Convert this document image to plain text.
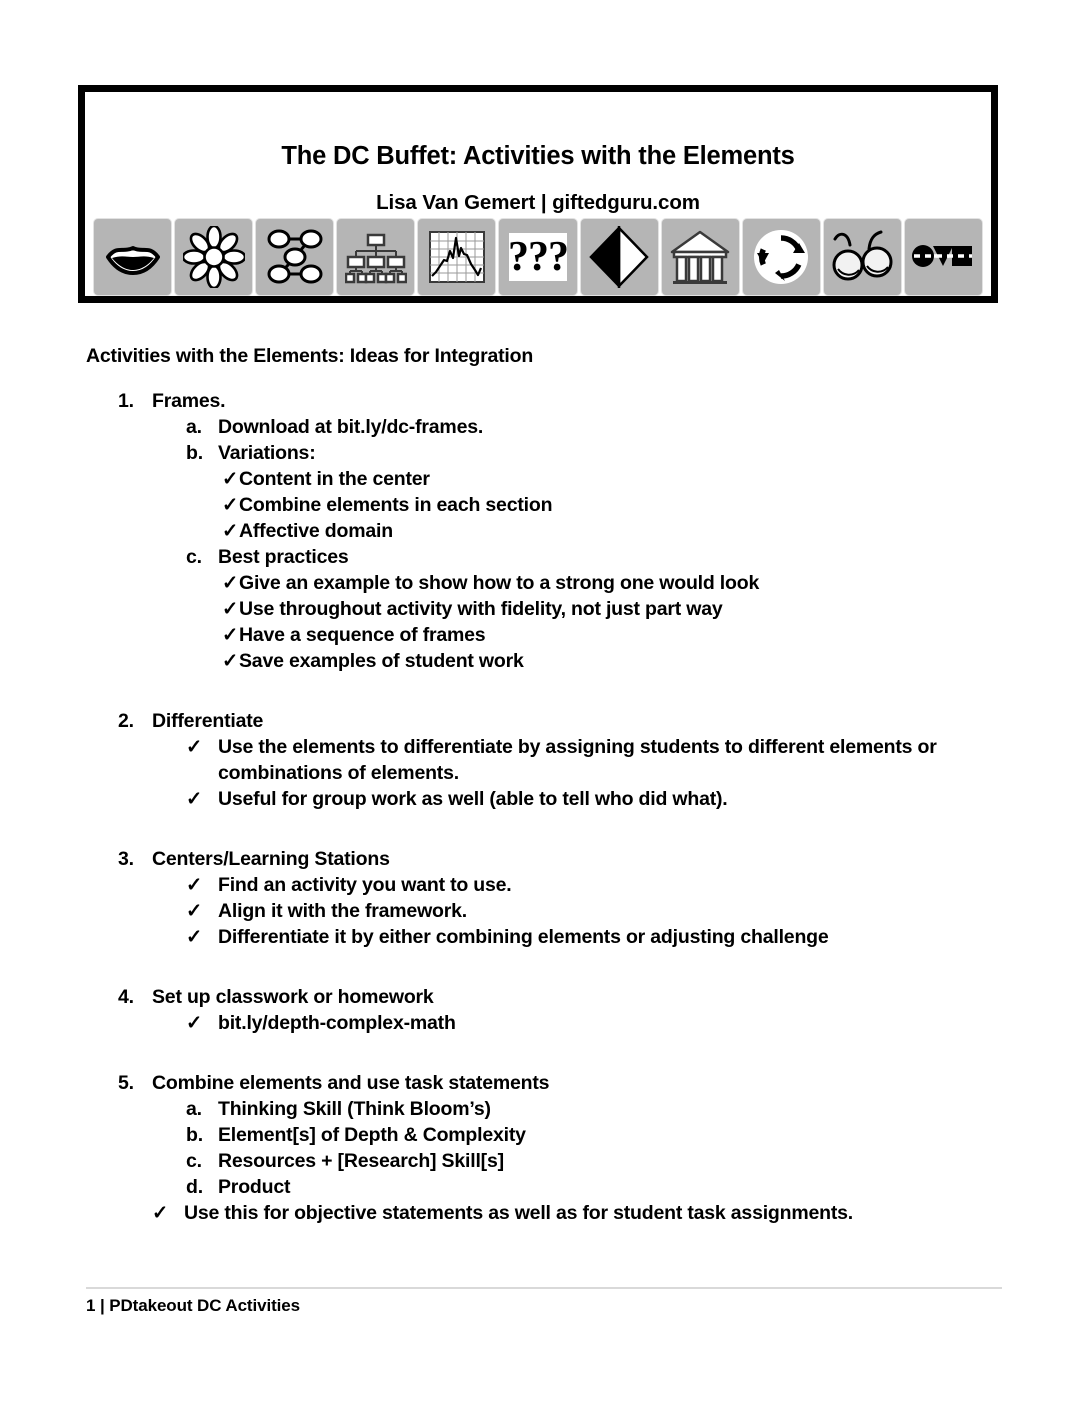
The DC Buffet: Activities with the Elements
Lisa Van Gemert | giftedguru.com
???
Activities with the Elements: Ideas for Integration
1. Frames.
a. Download at bit.ly/dc-frames.
b. Variations:
✓Content in the center
✓Combine elements in each section
✓Affective domain
c. Best practices
✓Give an example to show how to a strong one would look
✓Use throughout activity with fidelity, not just part way
✓Have a sequence of frames
✓Save examples of student work
2. Differentiate
✓ Use the elements to differentiate by assigning students to different elements or combinations of elements.
✓ Useful for group work as well (able to tell who did what).
3. Centers/Learning Stations
✓ Find an activity you want to use.
✓ Align it with the framework.
✓ Differentiate it by either combining elements or adjusting challenge
4. Set up classwork or homework
✓ bit.ly/depth-complex-math
5. Combine elements and use task statements
a. Thinking Skill (Think Bloom’s)
b. Element[s] of Depth & Complexity
c. Resources + [Research] Skill[s]
d. Product
✓ Use this for objective statements as well as for student task assignments.
1 | PDtakeout DC Activities
